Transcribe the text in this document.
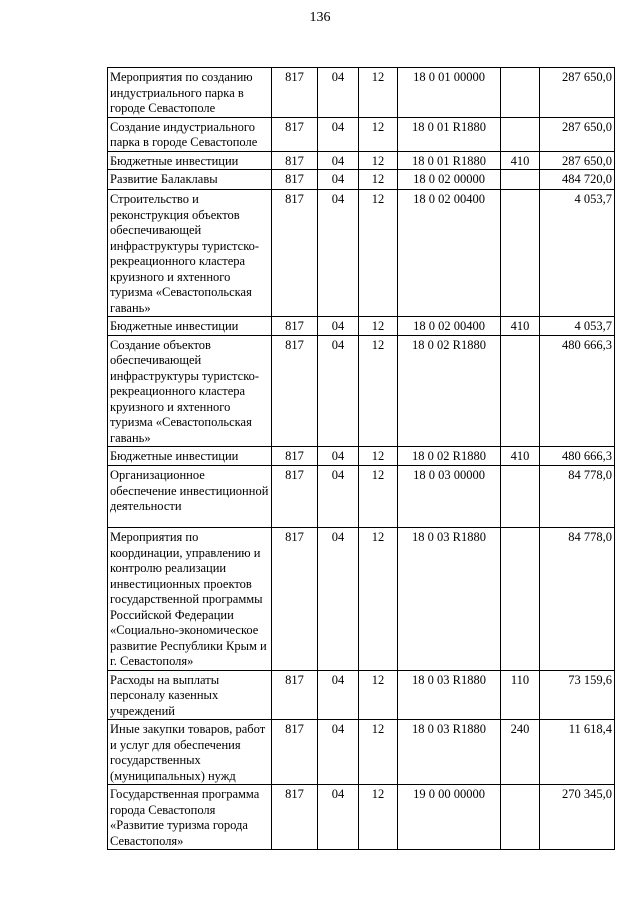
136
Мероприятия по созданию индустриального парка в городе Севастополе	817	04	12	18 0 01 00000		287 650,0
Создание индустриального парка в городе Севастополе	817	04	12	18 0 01 R1880		287 650,0
Бюджетные инвестиции	817	04	12	18 0 01 R1880	410	287 650,0
Развитие Балаклавы	817	04	12	18 0 02 00000		484 720,0
Строительство и реконструкция объектов обеспечивающей инфраструктуры туристско-рекреационного кластера круизного и яхтенного туризма «Севастопольская гавань»	817	04	12	18 0 02 00400		4 053,7
Бюджетные инвестиции	817	04	12	18 0 02 00400	410	4 053,7
Создание объектов обеспечивающей инфраструктуры туристско-рекреационного кластера круизного и яхтенного туризма «Севастопольская гавань»	817	04	12	18 0 02 R1880		480 666,3
Бюджетные инвестиции	817	04	12	18 0 02 R1880	410	480 666,3
Организационное обеспечение инвестиционной деятельности	817	04	12	18 0 03 00000		84 778,0
Мероприятия по координации, управлению и контролю реализации инвестиционных проектов государственной программы Российской Федерации «Социально-экономическое развитие Республики Крым и г. Севастополя»	817	04	12	18 0 03 R1880		84 778,0
Расходы на выплаты персоналу казенных учреждений	817	04	12	18 0 03 R1880	110	73 159,6
Иные закупки товаров, работ и услуг для обеспечения государственных (муниципальных) нужд	817	04	12	18 0 03 R1880	240	11 618,4
Государственная программа города Севастополя «Развитие туризма города Севастополя»	817	04	12	19 0 00 00000		270 345,0
